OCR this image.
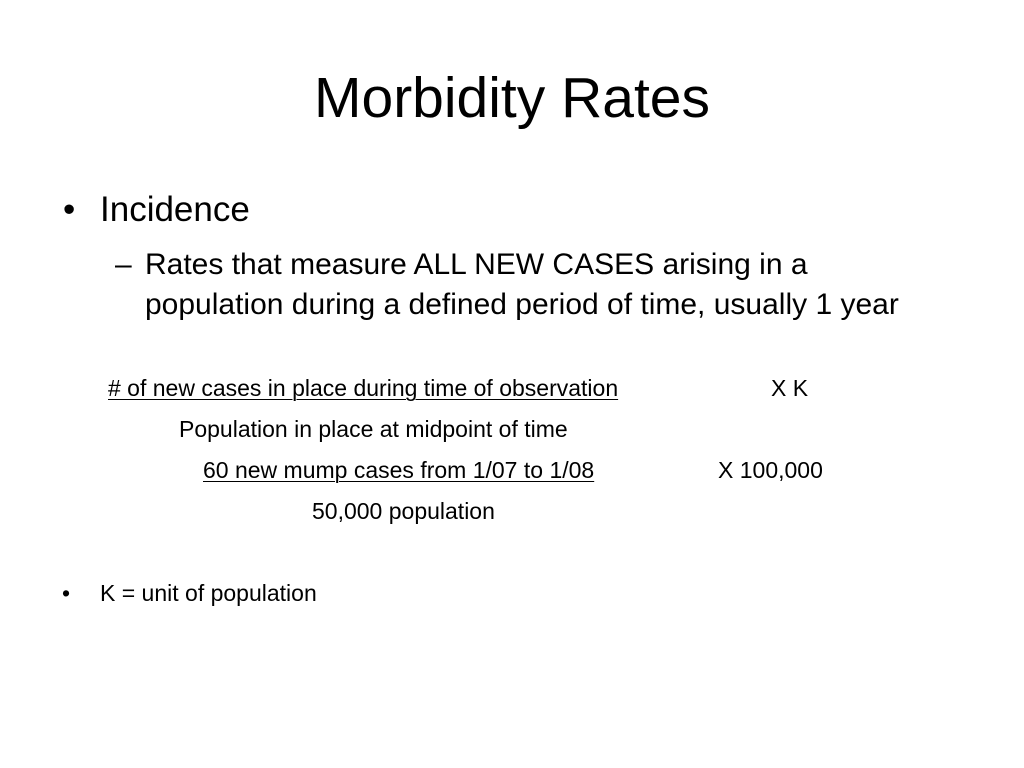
Morbidity Rates
• Incidence
– Rates that measure ALL NEW CASES arising in a population during a defined period of time, usually 1 year
# of new cases in place during time of observation	X K
Population in place at midpoint of time
60 new mump cases from 1/07 to 1/08	X 100,000
50,000 population
• K = unit of population
